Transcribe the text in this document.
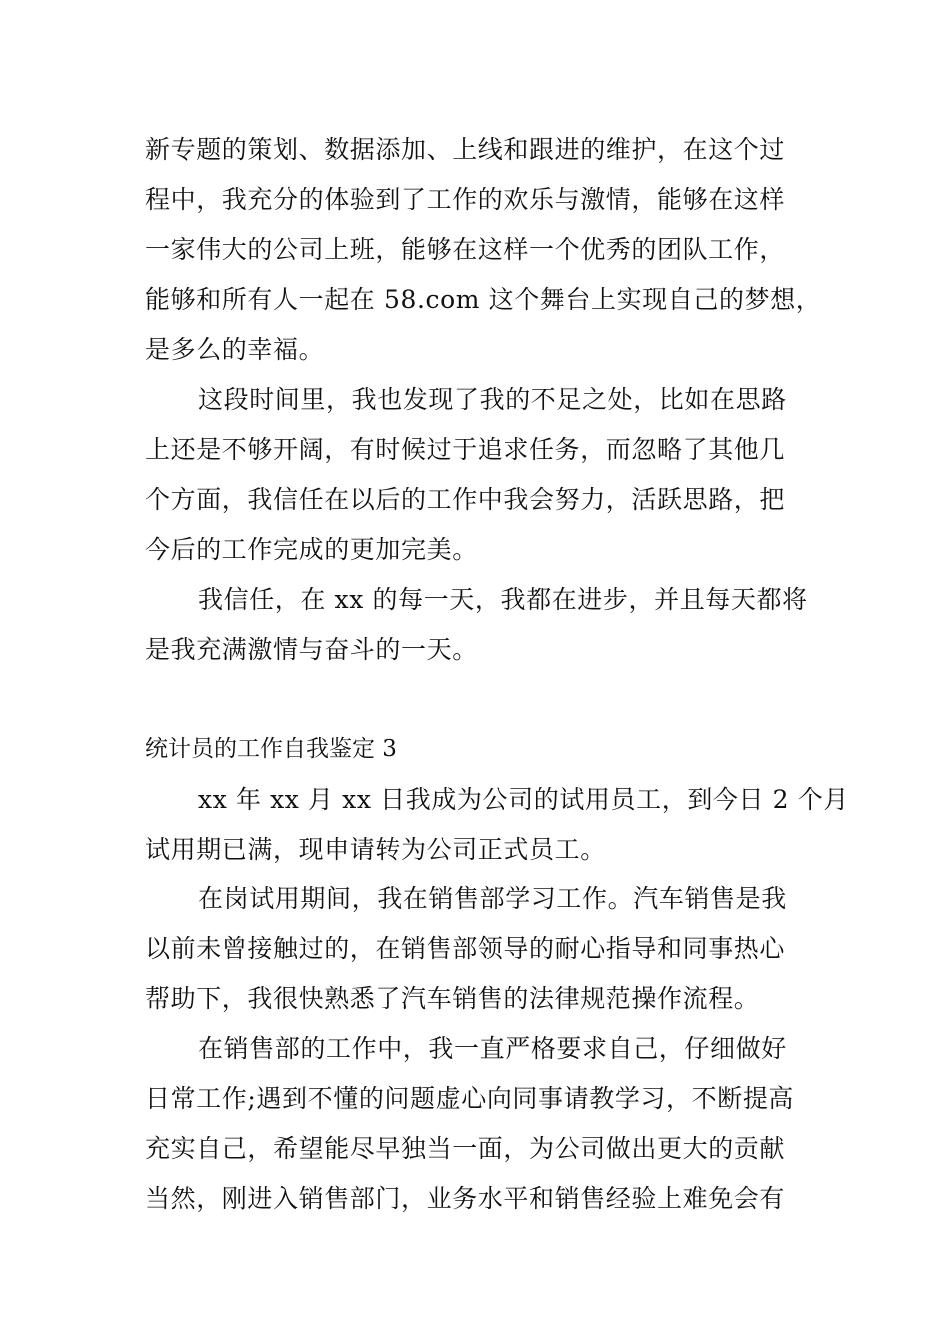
新专题的策划、数据添加、上线和跟进的维护，在这个过
程中，我充分的体验到了工作的欢乐与激情，能够在这样
一家伟大的公司上班，能够在这样一个优秀的团队工作，
能够和所有人一起在 58.com 这个舞台上实现自己的梦想，
是多么的幸福。
这段时间里，我也发现了我的不足之处，比如在思路
上还是不够开阔，有时候过于追求任务，而忽略了其他几
个方面，我信任在以后的工作中我会努力，活跃思路，把
今后的工作完成的更加完美。
我信任，在 xx 的每一天，我都在进步，并且每天都将
是我充满激情与奋斗的一天。
统计员的工作自我鉴定 3
xx 年 xx 月 xx 日我成为公司的试用员工，到今日 2 个月
试用期已满，现申请转为公司正式员工。
在岗试用期间，我在销售部学习工作。汽车销售是我
以前未曾接触过的，在销售部领导的耐心指导和同事热心
帮助下，我很快熟悉了汽车销售的法律规范操作流程。
在销售部的工作中，我一直严格要求自己，仔细做好
日常工作;遇到不懂的问题虚心向同事请教学习，不断提高
充实自己，希望能尽早独当一面，为公司做出更大的贡献
当然，刚进入销售部门，业务水平和销售经验上难免会有
